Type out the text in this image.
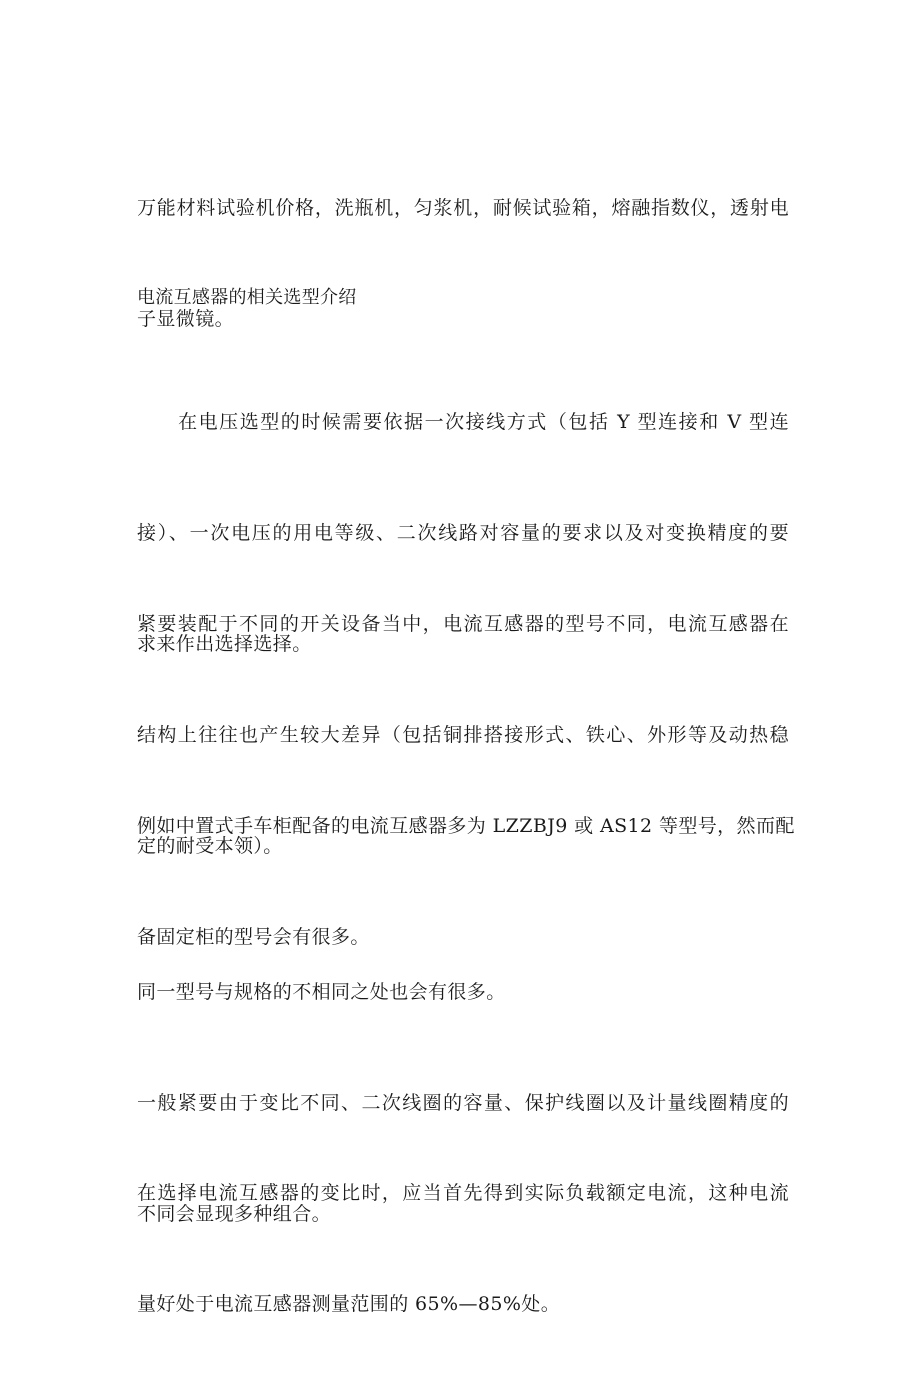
万能材料试验机价格，洗瓶机，匀浆机，耐候试验箱，熔融指数仪，透射电

子显微镜。

电流互感器的相关选型介绍

　　在电压选型的时候需要依据一次接线方式（包括 Y 型连接和 V 型连

接）、一次电压的用电等级、二次线路对容量的要求以及对变换精度的要

求来作出选择选择。

紧要装配于不同的开关设备当中，电流互感器的型号不同，电流互感器在

结构上往往也产生较大差异（包括铜排搭接形式、铁心、外形等及动热稳

定的耐受本领）。

例如中置式手车柜配备的电流互感器多为 LZZBJ9 或 AS12 等型号，然而配

备固定柜的型号会有很多。

同一型号与规格的不相同之处也会有很多。

一般紧要由于变比不同、二次线圈的容量、保护线圈以及计量线圈精度的

不同会显现多种组合。

在选择电流互感器的变比时，应当首先得到实际负载额定电流，这种电流

量好处于电流互感器测量范围的 65%—85%处。
